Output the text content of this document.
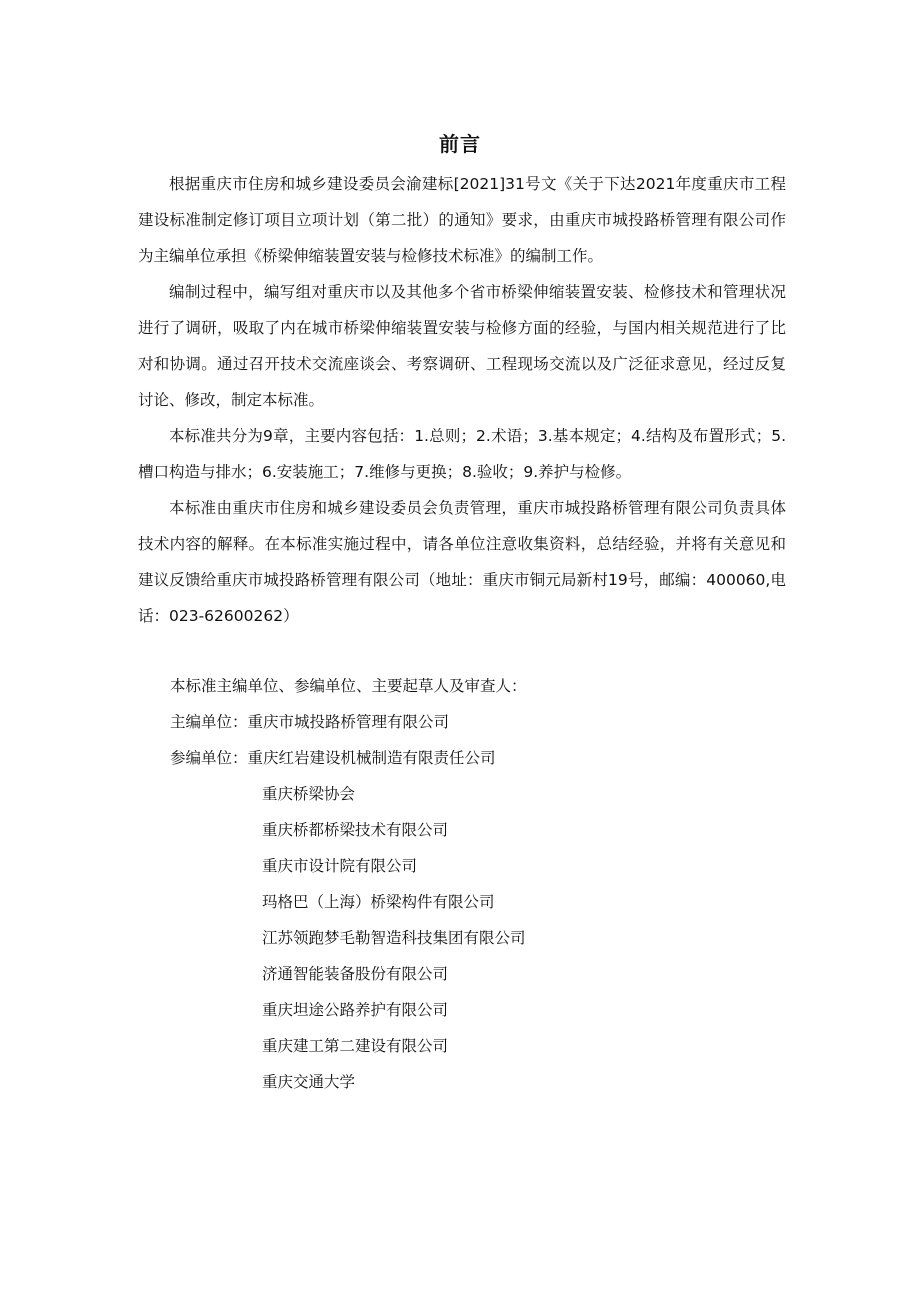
前言

根据重庆市住房和城乡建设委员会渝建标[2021]31号文《关于下达2021年度重庆市工程建设标准制定修订项目立项计划（第二批）的通知》要求，由重庆市城投路桥管理有限公司作为主编单位承担《桥梁伸缩装置安装与检修技术标准》的编制工作。

编制过程中，编写组对重庆市以及其他多个省市桥梁伸缩装置安装、检修技术和管理状况进行了调研，吸取了内在城市桥梁伸缩装置安装与检修方面的经验，与国内相关规范进行了比对和协调。通过召开技术交流座谈会、考察调研、工程现场交流以及广泛征求意见，经过反复讨论、修改，制定本标准。

本标准共分为9章，主要内容包括：1.总则；2.术语；3.基本规定；4.结构及布置形式；5.槽口构造与排水；6.安装施工；7.维修与更换；8.验收；9.养护与检修。

本标准由重庆市住房和城乡建设委员会负责管理，重庆市城投路桥管理有限公司负责具体技术内容的解释。在本标准实施过程中，请各单位注意收集资料，总结经验，并将有关意见和建议反馈给重庆市城投路桥管理有限公司（地址：重庆市铜元局新村19号，邮编：400060,电话：023-62600262）

本标准主编单位、参编单位、主要起草人及审查人：
主编单位：重庆市城投路桥管理有限公司
参编单位：重庆红岩建设机械制造有限责任公司
重庆桥梁协会
重庆桥都桥梁技术有限公司
重庆市设计院有限公司
玛格巴（上海）桥梁构件有限公司
江苏领跑梦毛勒智造科技集团有限公司
济通智能装备股份有限公司
重庆坦途公路养护有限公司
重庆建工第二建设有限公司
重庆交通大学
